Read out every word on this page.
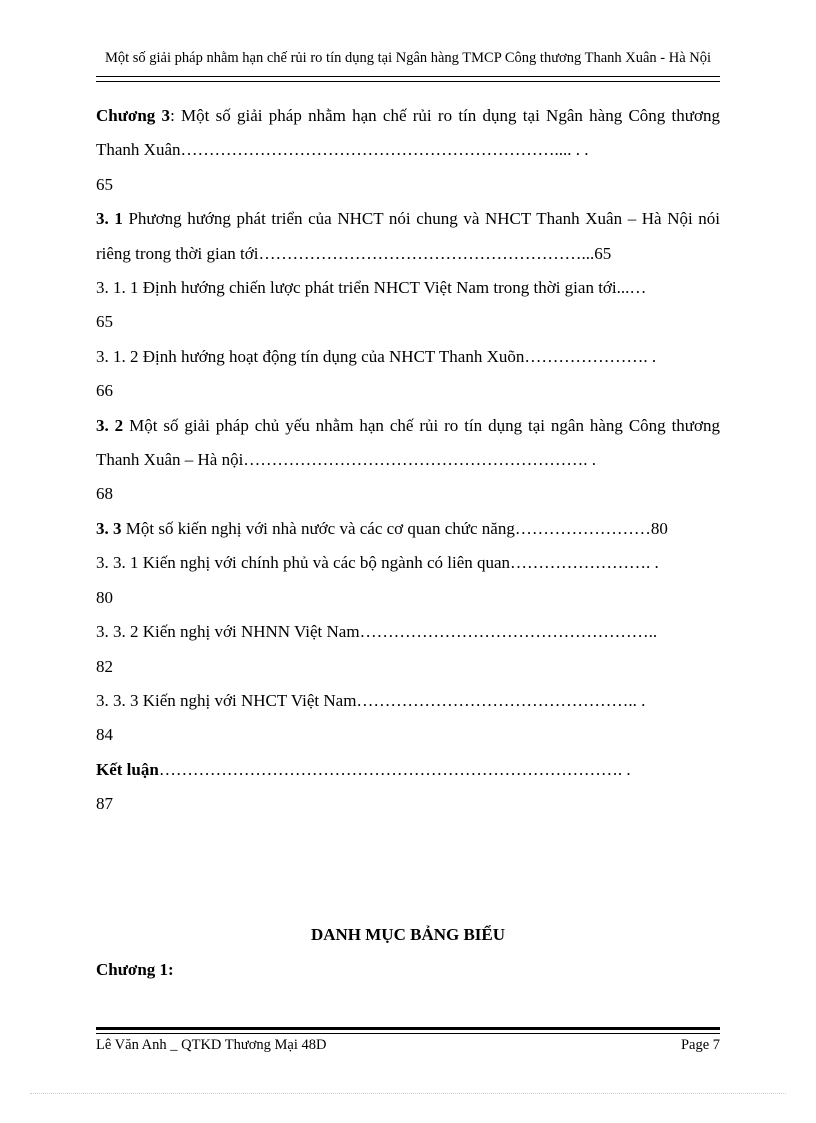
Một số giải pháp nhằm hạn chế rủi ro tín dụng tại Ngân hàng TMCP Công thương Thanh Xuân - Hà Nội

Chương 3: Một số giải pháp nhằm hạn chế rủi ro tín dụng tại Ngân hàng Công thương Thanh Xuân………………………………………………………….... . .
65

3. 1 Phương hướng phát triển của NHCT nói chung và NHCT Thanh Xuân – Hà Nội nói riêng trong thời gian tới…………………………………………………...65

3. 1. 1 Định hướng chiến lược phát triển NHCT Việt Nam trong thời gian tới...…
65

3. 1. 2 Định hướng hoạt động tín dụng của NHCT Thanh Xuõn…………………. .
66

3. 2 Một số giải pháp chủ yếu nhằm hạn chế rủi ro tín dụng tại ngân hàng Công thương Thanh Xuân – Hà nội……………………………………………………. .
68

3. 3 Một số kiến nghị với nhà nước và các cơ quan chức năng……………………80

3. 3. 1 Kiến nghị với chính phủ và các bộ ngành có liên quan……………………. .
80

3. 3. 2 Kiến nghị với NHNN Việt Nam……………………………………………..
82

3. 3. 3 Kiến nghị với NHCT Việt Nam………………………………………….. .
84

Kết luận………………………………………………………………………. .
87

DANH MỤC BẢNG BIỂU
Chương 1:
Lê Văn Anh _ QTKD Thương Mại 48D	Page 7
